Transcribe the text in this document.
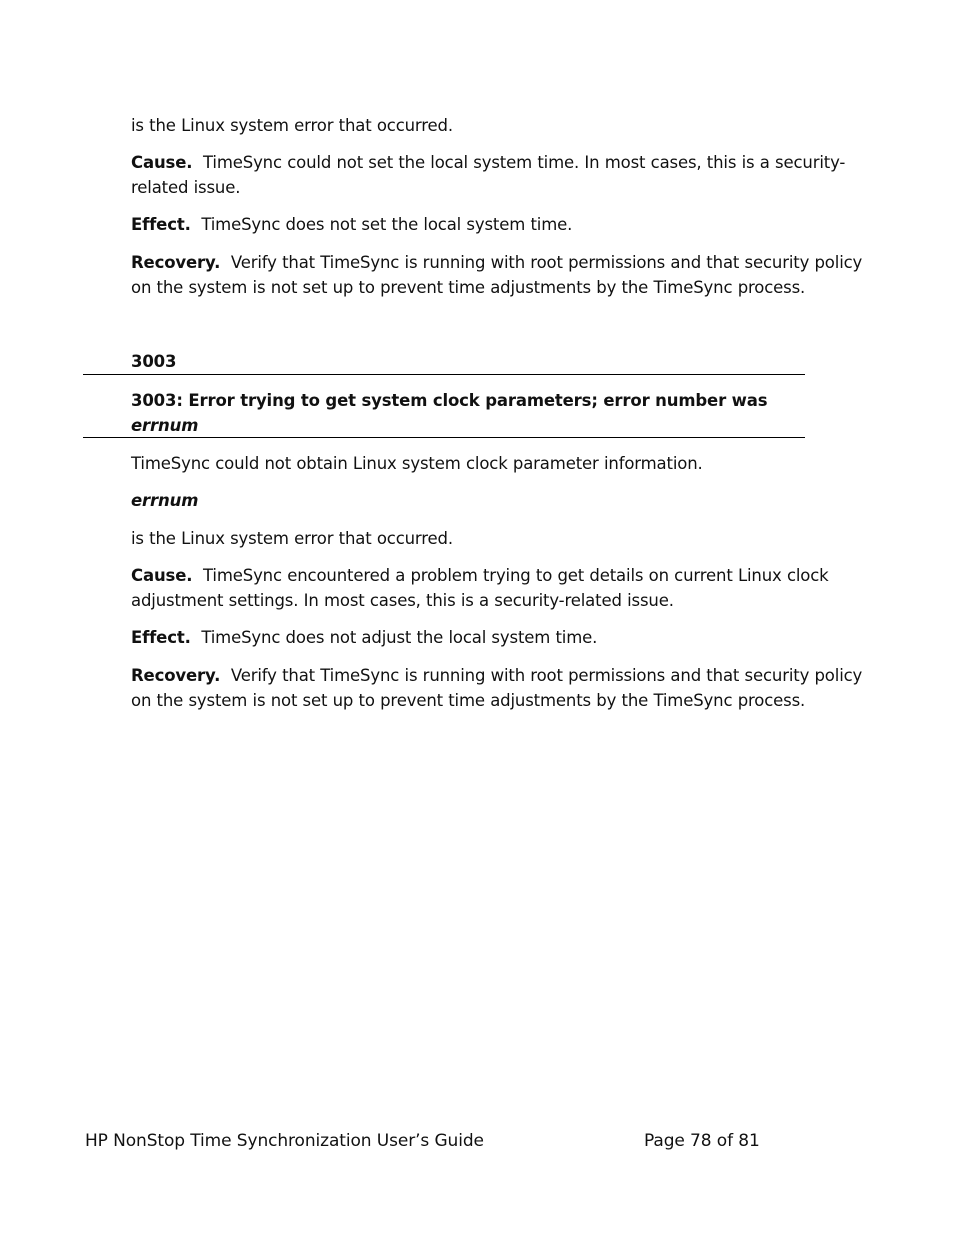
is the Linux system error that occurred.

Cause. TimeSync could not set the local system time. In most cases, this is a security-related issue.

Effect. TimeSync does not set the local system time.

Recovery. Verify that TimeSync is running with root permissions and that security policy on the system is not set up to prevent time adjustments by the TimeSync process.

3003

3003: Error trying to get system clock parameters; error number was
errnum

TimeSync could not obtain Linux system clock parameter information.

errnum

is the Linux system error that occurred.

Cause. TimeSync encountered a problem trying to get details on current Linux clock adjustment settings. In most cases, this is a security-related issue.

Effect. TimeSync does not adjust the local system time.

Recovery. Verify that TimeSync is running with root permissions and that security policy on the system is not set up to prevent time adjustments by the TimeSync process.

HP NonStop Time Synchronization User’s Guide	Page 78 of 81
